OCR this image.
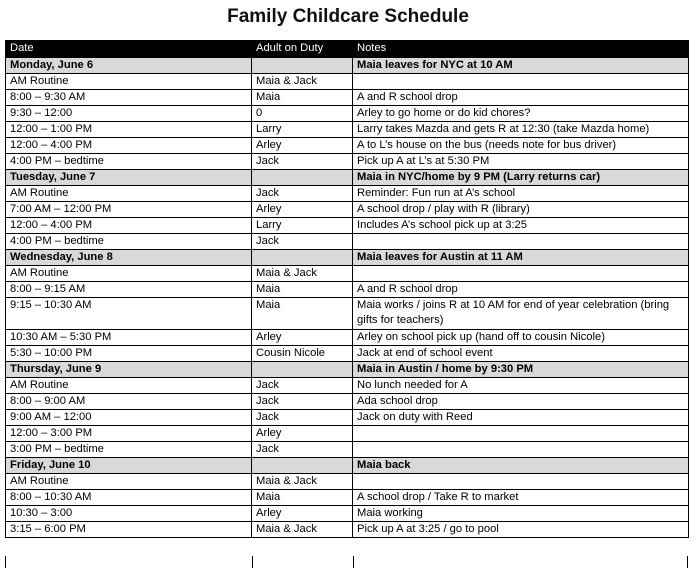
Family Childcare Schedule
Date	Adult on Duty	Notes
Monday, June 6		Maia leaves for NYC at 10 AM
AM Routine	Maia & Jack	
8:00 – 9:30 AM	Maia	A and R school drop
9:30 – 12:00	0	Arley to go home or do kid chores?
12:00 – 1:00 PM	Larry	Larry takes Mazda and gets R at 12:30 (take Mazda home)
12:00 – 4:00 PM	Arley	A to L’s house on the bus (needs note for bus driver)
4:00 PM – bedtime	Jack	Pick up A at L’s at 5:30 PM
Tuesday, June 7		Maia in NYC/home by 9 PM (Larry returns car)
AM Routine	Jack	Reminder: Fun run at A’s school
7:00 AM – 12:00 PM	Arley	A school drop / play with R (library)
12:00 – 4:00 PM	Larry	Includes A’s school pick up at 3:25
4:00 PM – bedtime	Jack	
Wednesday, June 8		Maia leaves for Austin at 11 AM
AM Routine	Maia & Jack	
8:00 – 9:15 AM	Maia	A and R school drop
9:15 – 10:30 AM	Maia	Maia works / joins R at 10 AM for end of year celebration (bring gifts for teachers)
10:30 AM – 5:30 PM	Arley	Arley on school pick up (hand off to cousin Nicole)
5:30 – 10:00 PM	Cousin Nicole	Jack at end of school event
Thursday, June 9		Maia in Austin / home by 9:30 PM
AM Routine	Jack	No lunch needed for A
8:00 – 9:00 AM	Jack	Ada school drop
9:00 AM – 12:00	Jack	Jack on duty with Reed
12:00 – 3:00 PM	Arley	
3:00 PM – bedtime	Jack	
Friday, June 10		Maia back
AM Routine	Maia & Jack	
8:00 – 10:30 AM	Maia	A school drop / Take R to market
10:30 – 3:00	Arley	Maia working
3:15 – 6:00 PM	Maia & Jack	Pick up A at 3:25 / go to pool
